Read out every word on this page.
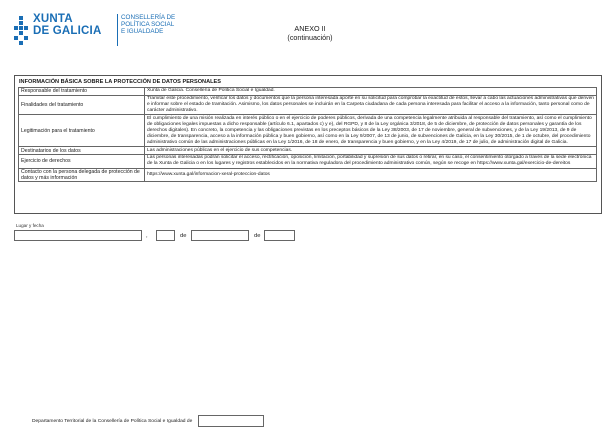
XUNTA
DE GALICIA
CONSELLERÍA DE
POLÍTICA SOCIAL
E IGUALDADE	ANEXO II
(continuación)
INFORMACIÓN BÁSICA SOBRE LA PROTECCIÓN DE DATOS PERSONALES
Responsable del tratamiento	Xunta de Galicia. Consellería de Política Social e Igualdad.
Finalidades del tratamiento	Tramitar este procedimiento, verificar los datos y documentos que la persona interesada aporte en su solicitud para comprobar la exactitud de estos, llevar a cabo las actuaciones administrativas que deriven e informar sobre el estado de tramitación. Asimismo, los datos personales se incluirán en la Carpeta ciudadana de cada persona interesada para facilitar el acceso a la información, tanto personal como de carácter administrativo.
Legitimación para el tratamiento	El cumplimiento de una misión realizada en interés público o en el ejercicio de poderes públicos, derivada de una competencia legalmente atribuida al responsable del tratamiento, así como el cumplimiento de obligaciones legales impuestas a dicho responsable (artículo 6.1, apartados c) y e), del RGPD, y 8 de la Ley orgánica 3/2018, de 5 de diciembre, de protección de datos personales y garantía de los derechos digitales). En concreto, la competencia y las obligaciones previstas en los preceptos básicos de la Ley 38/2003, de 17 de noviembre, general de subvenciones, y de la Ley 19/2013, de 9 de diciembre, de transparencia, acceso a la información pública y buen gobierno, así como en la Ley 9/2007, de 13 de junio, de subvenciones de Galicia, en la Ley 30/2015, de 1 de octubre, del procedimiento administrativo común de las administraciones públicas en la Ley 1/2016, de 18 de enero, de transparencia y buen gobierno, y en la Ley 4/2019, de 17 de julio, de administración digital de Galicia.
Destinatarios de los datos	Las administraciones públicas en el ejercicio de sus competencias.
Ejercicio de derechos	Las personas interesadas podrán solicitar el acceso, rectificación, oposición, limitación, portabilidad y supresión de sus datos o retirar, en su caso, el consentimiento otorgado a través de la sede electrónica de la Xunta de Galicia o en los lugares y registros establecidos en la normativa reguladora del procedimiento administrativo común, según se recoge en https://www.xunta.gal/exercicio-de-dereitos
Contacto con la persona delegada de protección de datos y más información	https://www.xunta.gal/informacion-xeral-proteccion-datos
Lugar y fecha
,	de	de
Departamento Territorial de la Consellería de Política Social e Igualdad de
